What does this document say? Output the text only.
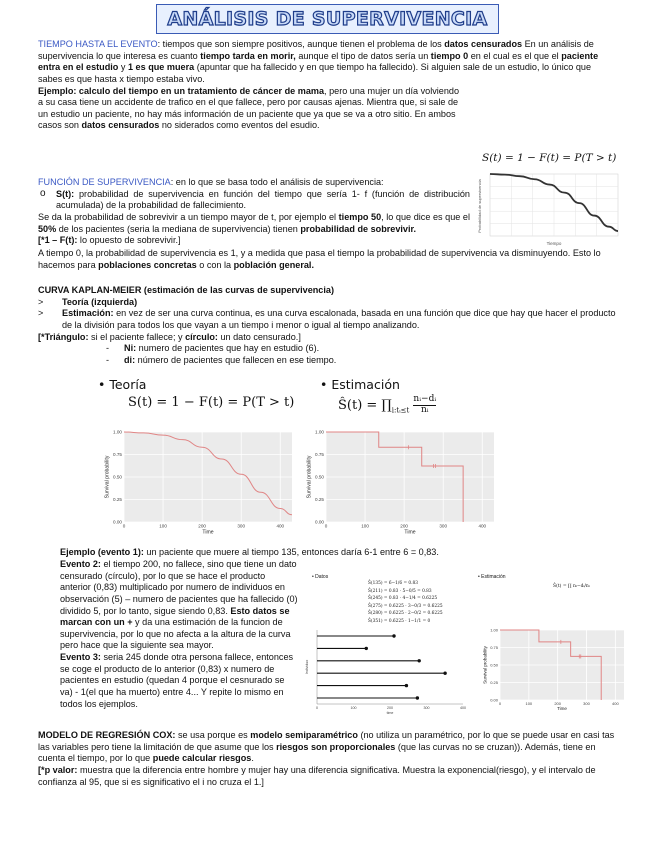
ANÁLISIS DE SUPERVIVENCIA

TIEMPO HASTA EL EVENTO: tiempos que son siempre positivos, aunque tienen el problema de los datos censurados En un análisis de supervivencia lo que interesa es cuanto tiempo tarda en morir, aunque el tipo de datos sería un tiempo 0 en el cual es el que el paciente entra en el estudio y 1 es que muera (apuntar que ha fallecido y en que tiempo ha fallecido). Si alguien sale de un estudio, lo único que sabes es que hasta x tiempo estaba vivo.

Ejemplo: calculo del tiempo en un tratamiento de cáncer de mama, pero una mujer un día volviendo a su casa tiene un accidente de trafico en el que fallece, pero por causas ajenas. Mientra que, si sale de un estudio un paciente, no hay más información de un paciente que ya que se va a otro sitio. En ambos casos son datos censurados no siderados como eventos del esudio.

S(t) = 1 − F(t) = P(T > t)

FUNCIÓN DE SUPERVIVENCIA: en lo que se basa todo el análisis de supervivencia:

o S(t): probabilidad de supervivencia en función del tiempo que sería 1- f (función de distribución acumulada) de la probabilidad de fallecimiento.

Se da la probabilidad de sobrevivir a un tiempo mayor de t, por ejemplo el tiempo 50, lo que dice es que el 50% de los pacientes (seria la mediana de supervivencia) tienen probabilidad de sobrevivir.

[*1 – F(t): lo opuesto de sobrevivir.]

Probabilidad de supervivencia
Tiempo

A tiempo 0, la probabilidad de supervivencia es 1, y a medida que pasa el tiempo la probabilidad de supervivencia va disminuyendo. Esto lo hacemos para poblaciones concretas o con la población general.

CURVA KAPLAN-MEIER (estimación de las curvas de supervivencia)

> Teoría (izquierda)
> Estimación: en vez de ser una curva continua, es una curva escalonada, basada en una función que dice que hay que hacer el producto de la división para todos los que vayan a un tiempo i menor o igual al tiempo analizando.

[*Triángulo: si el paciente fallece; y círculo: un dato censurado.]

- Ni: numero de pacientes que hay en estudio (6).
- di: número de pacientes que fallecen en ese tiempo.
• Teoría	• Estimación
S(t) = 1 − F(t) = P(T > t)	Ŝ(t) = $\prod_{i:tᵢ\le t} \frac{\text{nᵢ−dᵢ}}{\text{nᵢ}}$
0.00
0.25
0.50
0.75
1.00
0	100	200	300	400
Survival probability
Time
0.00
0.25
0.50
0.75
1.00
0	100	200	300	400
Survival probability
Time

Ejemplo (evento 1): un paciente que muere al tiempo 135, entonces daría 6-1 entre 6 = 0,83.

Evento 2: el tiempo 200, no fallece, sino que tiene un dato censurado (círculo), por lo que se hace el producto anterior (0,83) multiplicado por numero de individuos en observación (5) – numero de pacientes que ha fallecido (0) dividido 5, por lo tanto, sigue siendo 0,83. Esto datos se marcan con un + y da una estimación de la funcion de supervivencia, por lo que no afecta a la altura de la curva pero hace que la siguiente sea mayor.

Evento 3: seria 245 donde otra persona fallece, entonces se coge el producto de lo anterior (0,83) x numero de pacientes en estudio (quedan 4 porque el cesnurado se va) - 1(el que ha muerto) entre 4... Y repite lo mismo en todos los ejemplos.

• Datos	• Estimación
Ŝ(t) = ∏ nᵢ−dᵢ/nᵢ
Ŝ(135) = 6−1/6 = 0.83
Ŝ(211) = 0.83 · 5−0/5 = 0.83
Ŝ(245) = 0.83 · 4−1/4 = 0.6225
Ŝ(275) = 0.6225 · 3−0/3 = 0.6225
Ŝ(280) = 0.6225 · 2−0/2 = 0.6225
Ŝ(351) = 0.6225 · 1−1/1 = 0
0	100	200	300	400
Individuo
time
0.00
0.25
0.50
0.75
1.00
0	100	200	300	400
Survival probability
Time

MODELO DE REGRESIÓN COX: se usa porque es modelo semiparamétrico (no utiliza un paramétrico, por lo que se puede usar en casi tas las variables pero tiene la limitación de que asume que los riesgos son proporcionales (que las curvas no se cruzan)). Además, tiene en cuenta el tiempo, por lo que puede calcular riesgos.

[*p valor: muestra que la diferencia entre hombre y mujer hay una diferencia significativa. Muestra la exponencial(riesgo), y el intervalo de confianza al 95, que si es significativo el i no cruza el 1.]
